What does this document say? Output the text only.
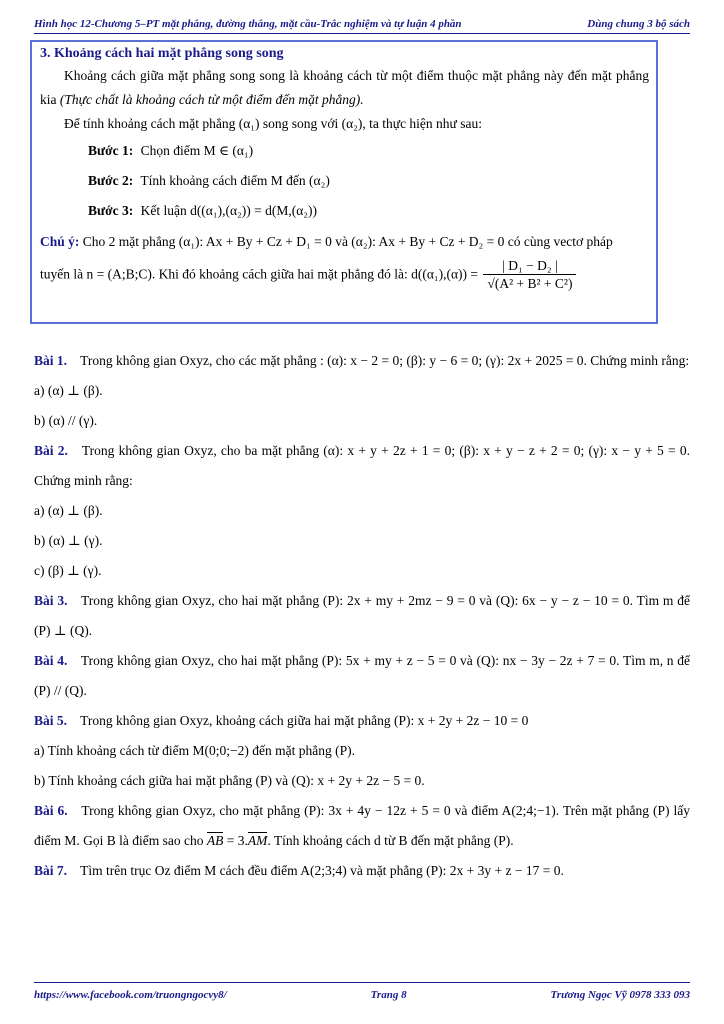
Hình học 12-Chương 5–PT mặt phẳng, đường thẳng, mặt cầu-Trắc nghiệm và tự luận 4 phần	Dùng chung 3 bộ sách
3. Khoảng cách hai mặt phẳng song song
Khoảng cách giữa mặt phẳng song song là khoảng cách từ một điểm thuộc mặt phẳng này đến mặt phẳng kia (Thực chất là khoảng cách từ một điểm đến mặt phẳng).
Để tính khoảng cách mặt phẳng (α₁) song song với (α₂), ta thực hiện như sau:
Bước 1: Chọn điểm M ∈ (α₁)
Bước 2: Tính khoảng cách điểm M đến (α₂)
Bước 3: Kết luận d((α₁),(α₂)) = d(M,(α₂))
Chú ý: Cho 2 mặt phẳng (α₁): Ax + By + Cz + D₁ = 0 và (α₂): Ax + By + Cz + D₂ = 0 có cùng vectơ pháp
tuyến là n = (A;B;C). Khi đó khoảng cách giữa hai mặt phẳng đó là: $d((\alpha_1),(\alpha)) = \frac{\text{| D₁ − D₂ |}}{\text{√(A² + B² + C²)}}$
Bài 1. Trong không gian Oxyz, cho các mặt phẳng : (α): x − 2 = 0; (β): y − 6 = 0; (γ): 2x + 2025 = 0. Chứng minh rằng:
a) (α) ⊥ (β).
b) (α) // (γ).
Bài 2. Trong không gian Oxyz, cho ba mặt phẳng (α): x + y + 2z + 1 = 0; (β): x + y − z + 2 = 0; (γ): x − y + 5 = 0. Chứng minh rằng:
a) (α) ⊥ (β).
b) (α) ⊥ (γ).
c) (β) ⊥ (γ).
Bài 3. Trong không gian Oxyz, cho hai mặt phẳng (P): 2x + my + 2mz − 9 = 0 và (Q): 6x − y − z − 10 = 0. Tìm m để (P) ⊥ (Q).
Bài 4. Trong không gian Oxyz, cho hai mặt phẳng (P): 5x + my + z − 5 = 0 và (Q): nx − 3y − 2z + 7 = 0. Tìm m, n để (P) // (Q).
Bài 5. Trong không gian Oxyz, khoảng cách giữa hai mặt phẳng (P): x + 2y + 2z − 10 = 0
a) Tính khoảng cách từ điểm M(0;0;−2) đến mặt phẳng (P).
b) Tính khoảng cách giữa hai mặt phẳng (P) và (Q): x + 2y + 2z − 5 = 0.
Bài 6. Trong không gian Oxyz, cho mặt phẳng (P): 3x + 4y − 12z + 5 = 0 và điểm A(2;4;−1). Trên mặt phẳng (P) lấy điểm M. Gọi B là điểm sao cho AB = 3.AM. Tính khoảng cách d từ B đến mặt phẳng (P).
Bài 7. Tìm trên trục Oz điểm M cách đều điểm A(2;3;4) và mặt phẳng (P): 2x + 3y + z − 17 = 0.
https://www.facebook.com/truongngocvy8/	Trang 8	Trương Ngọc Vỹ 0978 333 093
